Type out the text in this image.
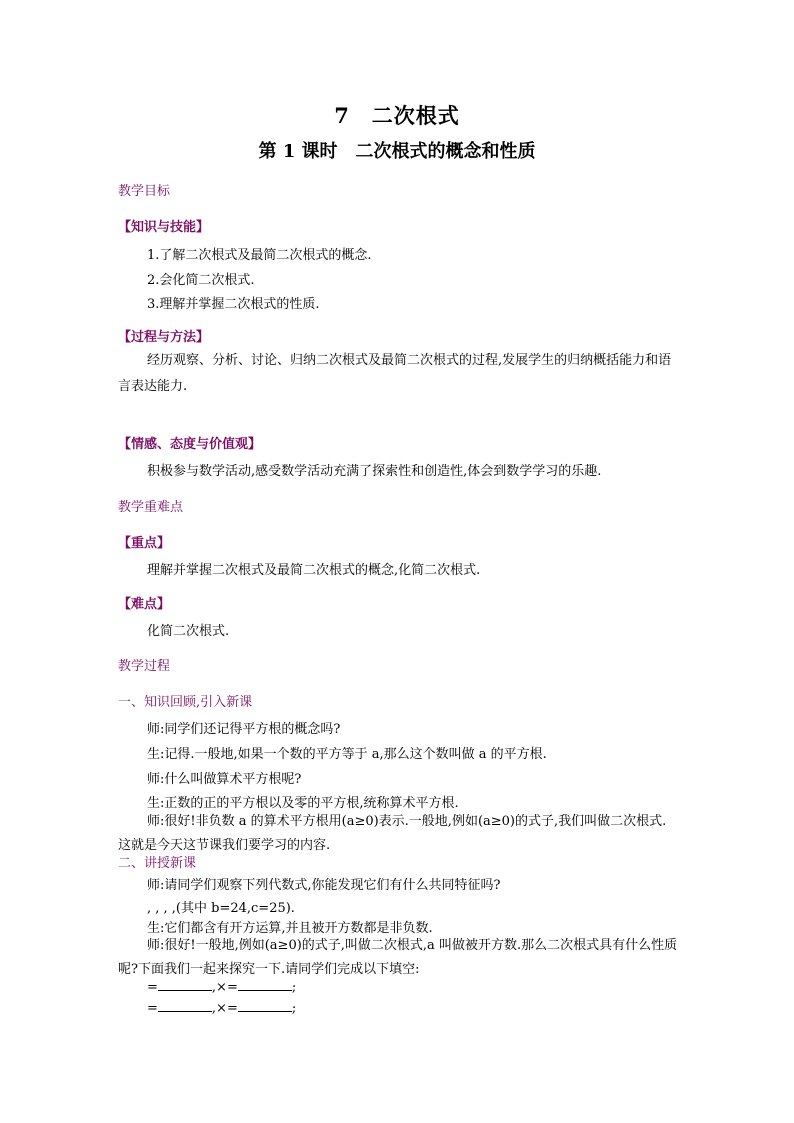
7　二次根式
第 1 课时　二次根式的概念和性质
教学目标
【知识与技能】
1.了解二次根式及最简二次根式的概念.
2.会化简二次根式.
3.理解并掌握二次根式的性质.
【过程与方法】
经历观察、分析、讨论、归纳二次根式及最简二次根式的过程,发展学生的归纳概括能力和语言表达能力.
【情感、态度与价值观】
积极参与数学活动,感受数学活动充满了探索性和创造性,体会到数学学习的乐趣.
教学重难点
【重点】
理解并掌握二次根式及最简二次根式的概念,化简二次根式.
【难点】
化简二次根式.
教学过程
一、知识回顾,引入新课
师:同学们还记得平方根的概念吗?
生:记得.一般地,如果一个数的平方等于 a,那么这个数叫做 a 的平方根.
师:什么叫做算术平方根呢?
生:正数的正的平方根以及零的平方根,统称算术平方根.
师:很好!非负数 a 的算术平方根用(a≥0)表示.一般地,例如(a≥0)的式子,我们叫做二次根式.这就是今天这节课我们要学习的内容.
二、讲授新课
师:请同学们观察下列代数式,你能发现它们有什么共同特征吗?
, , , ,(其中 b=24,c=25).
生:它们都含有开方运算,并且被开方数都是非负数.
师:很好!一般地,例如(a≥0)的式子,叫做二次根式,a 叫做被开方数.那么二次根式具有什么性质呢?下面我们一起来探究一下.请同学们完成以下填空:
=	,×=	;
=	,×=	;
